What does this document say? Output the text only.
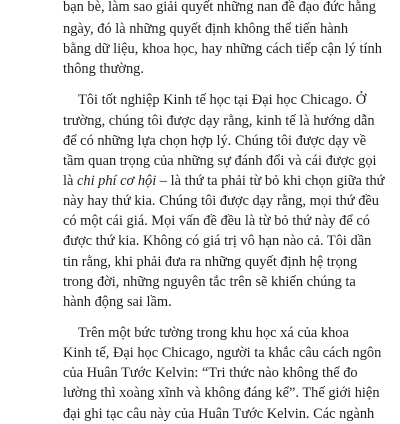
bạn bè, làm sao giải quyết những nan đề đạo đức hằng
ngày, đó là những quyết định không thể tiến hành
bằng dữ liệu, khoa học, hay những cách tiếp cận lý tính
thông thường.
Tôi tốt nghiệp Kinh tế học tại Đại học Chicago. Ở
trường, chúng tôi được dạy rằng, kinh tế là hướng dẫn
để có những lựa chọn hợp lý. Chúng tôi được dạy về
tầm quan trọng của những sự đánh đổi và cái được gọi
là chi phí cơ hội – là thứ ta phải từ bỏ khi chọn giữa thứ
này hay thứ kia. Chúng tôi được dạy rằng, mọi thứ đều
có một cái giá. Mọi vấn đề đều là từ bỏ thứ này để có
được thứ kia. Không có giá trị vô hạn nào cả. Tôi dần
tin rằng, khi phải đưa ra những quyết định hệ trọng
trong đời, những nguyên tắc trên sẽ khiến chúng ta
hành động sai lầm.
Trên một bức tường trong khu học xá của khoa
Kinh tế, Đại học Chicago, người ta khắc câu cách ngôn
của Huân Tước Kelvin: “Tri thức nào không thể đo
lường thì xoàng xĩnh và không đáng kể”. Thế giới hiện
đại ghi tạc câu này của Huân Tước Kelvin. Các ngành
